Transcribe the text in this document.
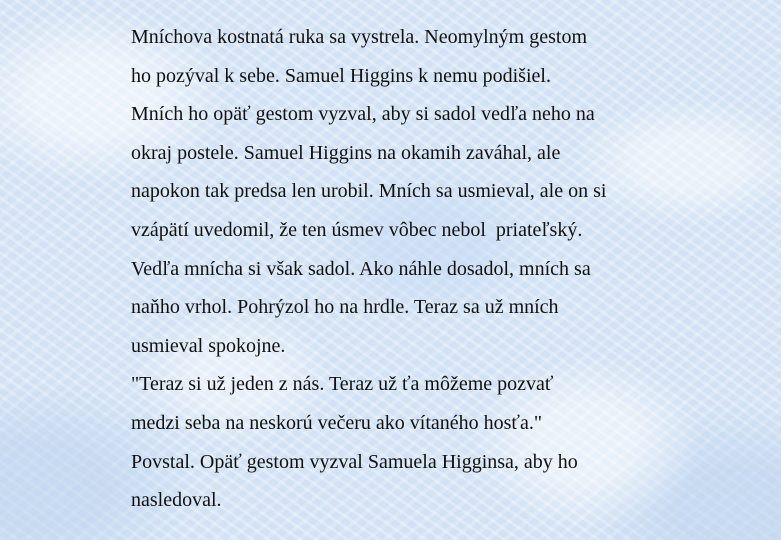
Mníchova kostnatá ruka sa vystrela. Neomylným gestom

ho pozýval k sebe. Samuel Higgins k nemu podišiel.

Mních ho opäť gestom vyzval, aby si sadol vedľa neho na

okraj postele. Samuel Higgins na okamih zaváhal, ale

napokon tak predsa len urobil. Mních sa usmieval, ale on si

vzápätí uvedomil, že ten úsmev vôbec nebol  priateľský.

Vedľa mnícha si však sadol. Ako náhle dosadol, mních sa

naňho vrhol. Pohrýzol ho na hrdle. Teraz sa už mních

usmieval spokojne.

"Teraz si už jeden z nás. Teraz už ťa môžeme pozvať

medzi seba na neskorú večeru ako vítaného hosťa."

Povstal. Opäť gestom vyzval Samuela Higginsa, aby ho

nasledoval.
